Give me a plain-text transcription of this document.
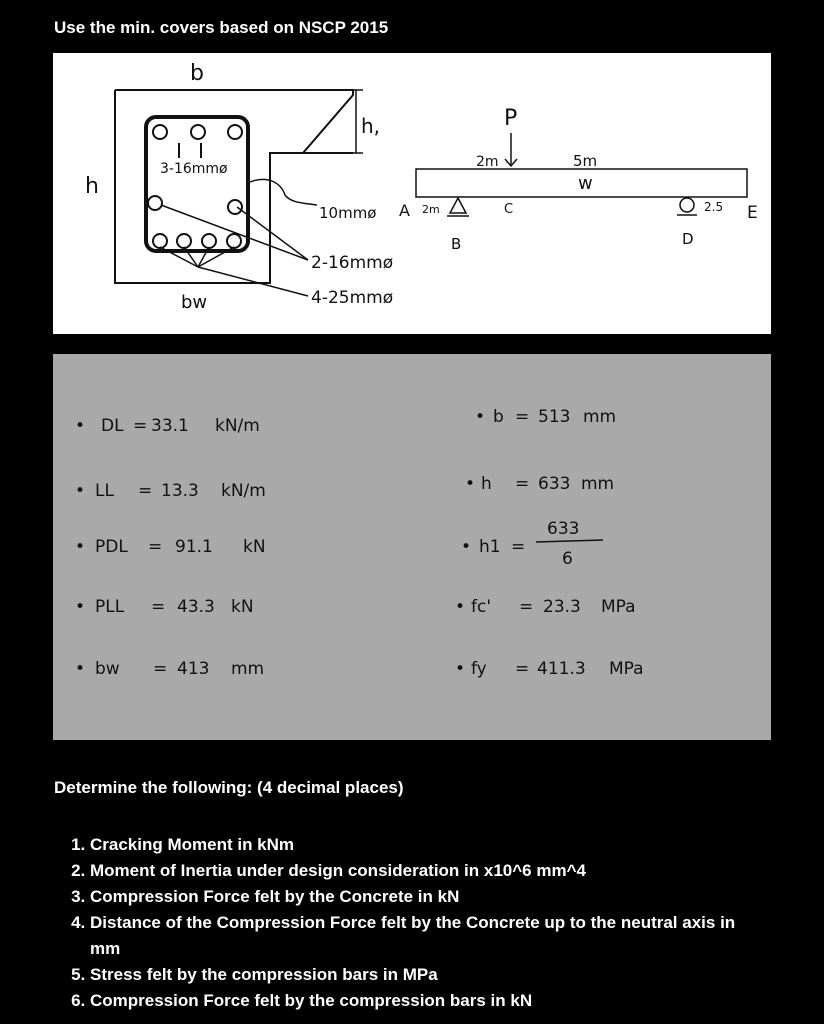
Use the min. covers based on NSCP 2015

b
h
h,
3-16mmø
10mmø
2-16mmø
4-25mmø
bw
P
2m	5m
w
A 2m
B
C
D
2.5 E
• DL = 33.1 kN/m
• LL = 13.3 kN/m
• PDL = 91.1 kN
• PLL = 43.3 kN
• bw = 413 mm
• b = 513 mm
• h = 633 mm
• h1 =
633
6
• fc' = 23.3 MPa
• fy = 411.3 MPa

Determine the following: (4 decimal places)

1. Cracking Moment in kNm
2. Moment of Inertia under design consideration in x10^6 mm^4
3. Compression Force felt by the Concrete in kN
4. Distance of the Compression Force felt by the Concrete up to the neutral axis in mm
5. Stress felt by the compression bars in MPa
6. Compression Force felt by the compression bars in kN
